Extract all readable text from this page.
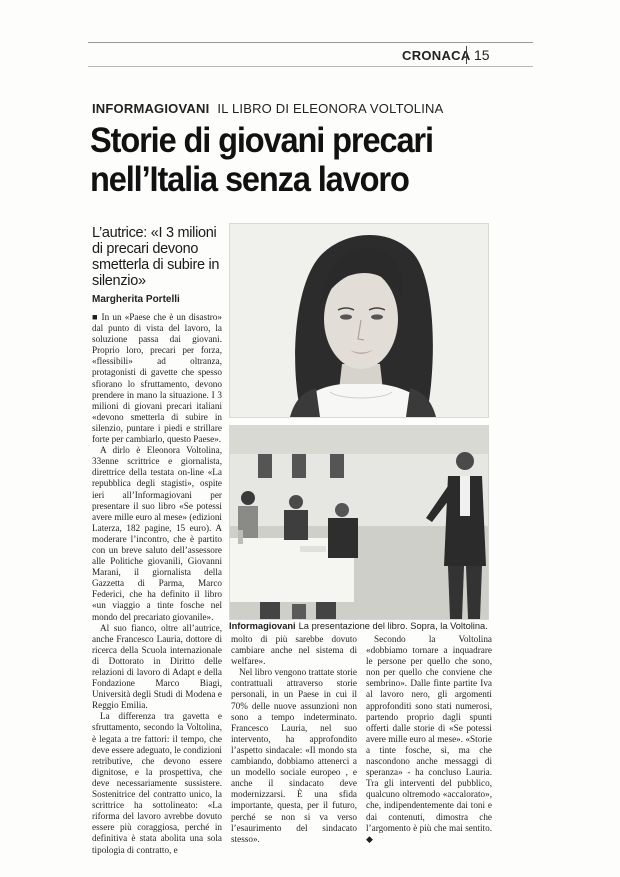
CRONACA 15
INFORMAGIOVANI IL LIBRO DI ELEONORA VOLTOLINA
Storie di giovani precari
nell’Italia senza lavoro
L’autrice: «I 3 milioni di precari devono smetterla di subire in silenzio»
Margherita Portelli

■ In un «Paese che è un disastro» dal punto di vista del lavoro, la soluzione passa dai giovani. Proprio loro, precari per forza, «flessibili» ad oltranza, protagonisti di gavette che spesso sfiorano lo sfruttamento, devono prendere in mano la situazione. I 3 milioni di giovani precari italiani «devono smetterla di subire in silenzio, puntare i piedi e strillare forte per cambiarlo, questo Paese».

A dirlo è Eleonora Voltolina, 33enne scrittrice e giornalista, direttrice della testata on-line «La repubblica degli stagisti», ospite ieri all’Informagiovani per presentare il suo libro «Se potessi avere mille euro al mese» (edizioni Laterza, 182 pagine, 15 euro). A moderare l’incontro, che è partito con un breve saluto dell’assessore alle Politiche giovanili, Giovanni Marani, il giornalista della Gazzetta di Parma, Marco Federici, che ha definito il libro «un viaggio a tinte fosche nel mondo del precariato giovanile».

Al suo fianco, oltre all’autrice, anche Francesco Lauria, dottore di ricerca della Scuola internazionale di Dottorato in Diritto delle relazioni di lavoro di Adapt e della Fondazione Marco Biagi, Università degli Studi di Modena e Reggio Emilia.

La differenza tra gavetta e sfruttamento, secondo la Voltolina, è legata a tre fattori: il tempo, che deve essere adeguato, le condizioni retributive, che devono essere dignitose, e la prospettiva, che deve necessariamente sussistere. Sostenitrice del contratto unico, la scrittrice ha sottolineato: «La riforma del lavoro avrebbe dovuto essere più coraggiosa, perché in definitiva è stata abolita una sola tipologia di contratto, e

Informagiovani La presentazione del libro. Sopra, la Voltolina.

molto di più sarebbe dovuto cambiare anche nel sistema di welfare».

Nel libro vengono trattate storie contrattuali attraverso storie personali, in un Paese in cui il 70% delle nuove assunzioni non sono a tempo indeterminato. Francesco Lauria, nel suo intervento, ha approfondito l’aspetto sindacale: «Il mondo sta cambiando, dobbiamo attenerci a un modello sociale europeo , e anche il sindacato deve modernizzarsi. È una sfida importante, questa, per il futuro, perché se non si va verso l’esaurimento del sindacato stesso».

Secondo la Voltolina «dobbiamo tornare a inquadrare le persone per quello che sono, non per quello che conviene che sembrino». Dalle finte partite Iva al lavoro nero, gli argomenti approfonditi sono stati numerosi, partendo proprio dagli spunti offerti dalle storie di «Se potessi avere mille euro al mese». «Storie a tinte fosche, sì, ma che nascondono anche messaggi di speranza» - ha concluso Lauria. Tra gli interventi del pubblico, qualcuno oltremodo «accalorato», che, indipendentemente dai toni e dai contenuti, dimostra che l’argomento è più che mai sentito. ◆
